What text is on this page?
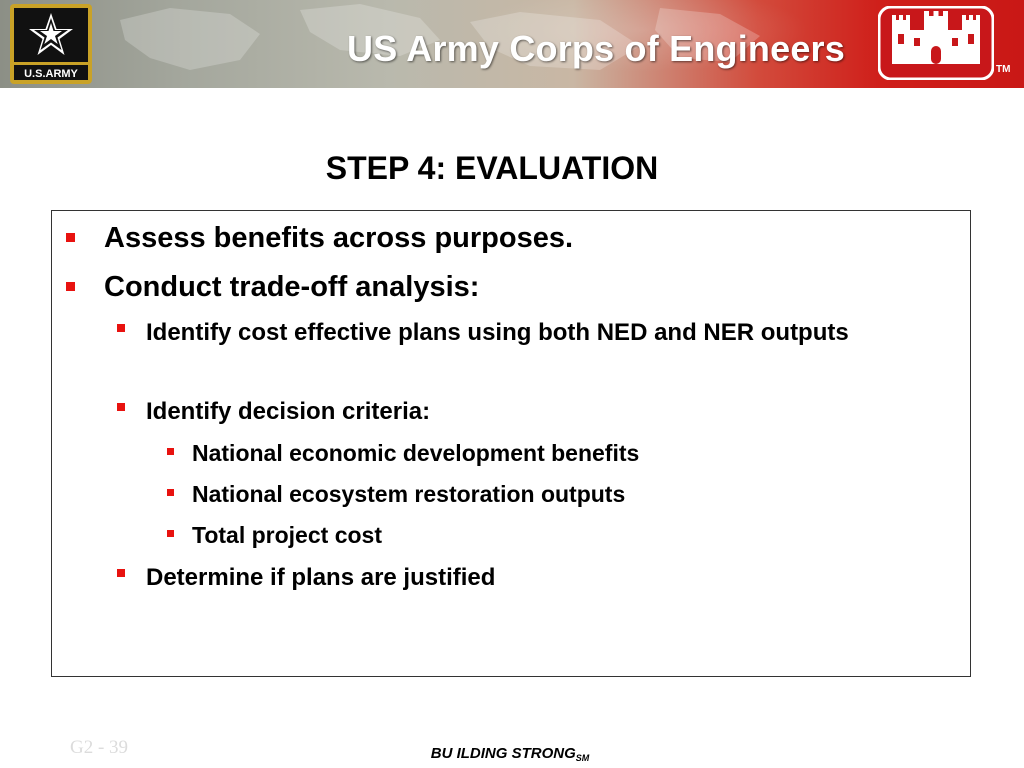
U.S.ARMY
US Army Corps of Engineers
TM
STEP 4: EVALUATION
Assess benefits across purposes.
Conduct trade-off analysis:
Identify cost effective plans using both NED and NER outputs
Identify decision criteria:
National economic development benefits
National ecosystem restoration outputs
Total project cost
Determine if plans are justified
G2 - 39	BU ILDING $STRONG_{SM}$
